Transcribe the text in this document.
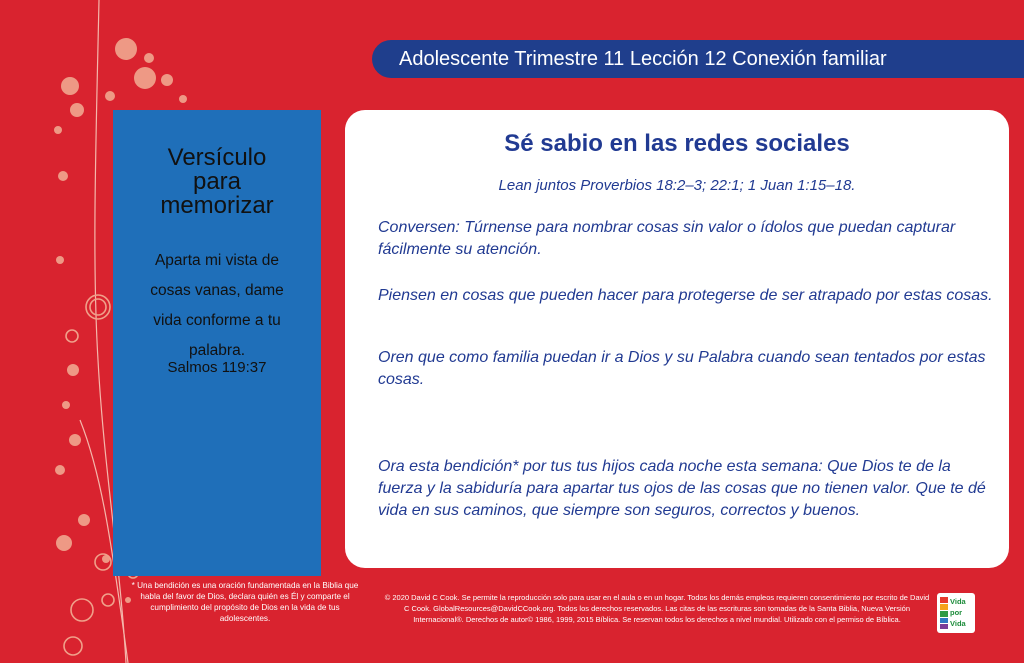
Adolescente Trimestre 11 Lección 12 Conexión familiar
Versículo
para
memorizar
Aparta mi vista de
cosas vanas, dame
vida conforme a tu
palabra.
Salmos 119:37
Sé sabio en las redes sociales
Lean juntos Proverbios 18:2–3; 22:1; 1 Juan 1:15–18.
Conversen: Túrnense para nombrar cosas sin valor o ídolos que puedan capturar fácilmente su atención.
Piensen en cosas que pueden hacer para protegerse de ser atrapado por estas cosas.
Oren que como familia puedan ir a Dios y su Palabra cuando sean tentados por estas cosas.
Ora esta bendición* por tus tus hijos cada noche esta semana: Que Dios te de la fuerza y la sabiduría para apartar tus ojos de las cosas que no tienen valor. Que te dé vida en sus caminos, que siempre son seguros, correctos y buenos.
* Una bendición es una oración fundamentada en la Biblia que habla del favor de Dios, declara quién es Él y comparte el cumplimiento del propósito de Dios en la vida de tus adolescentes.
© 2020 David C Cook. Se permite la reproducción solo para usar en el aula o en un hogar. Todos los demás empleos requieren consentimiento por escrito de David C Cook. GlobalResources@DavidCCook.org. Todos los derechos reservados. Las citas de las escrituras son tomadas de la Santa Biblia, Nueva Versión Internacional®. Derechos de autor© 1986, 1999, 2015 Bíblica. Se reservan todos los derechos a nivel mundial. Utilizado con el permiso de Bíblica.
Vida
por
Vida
